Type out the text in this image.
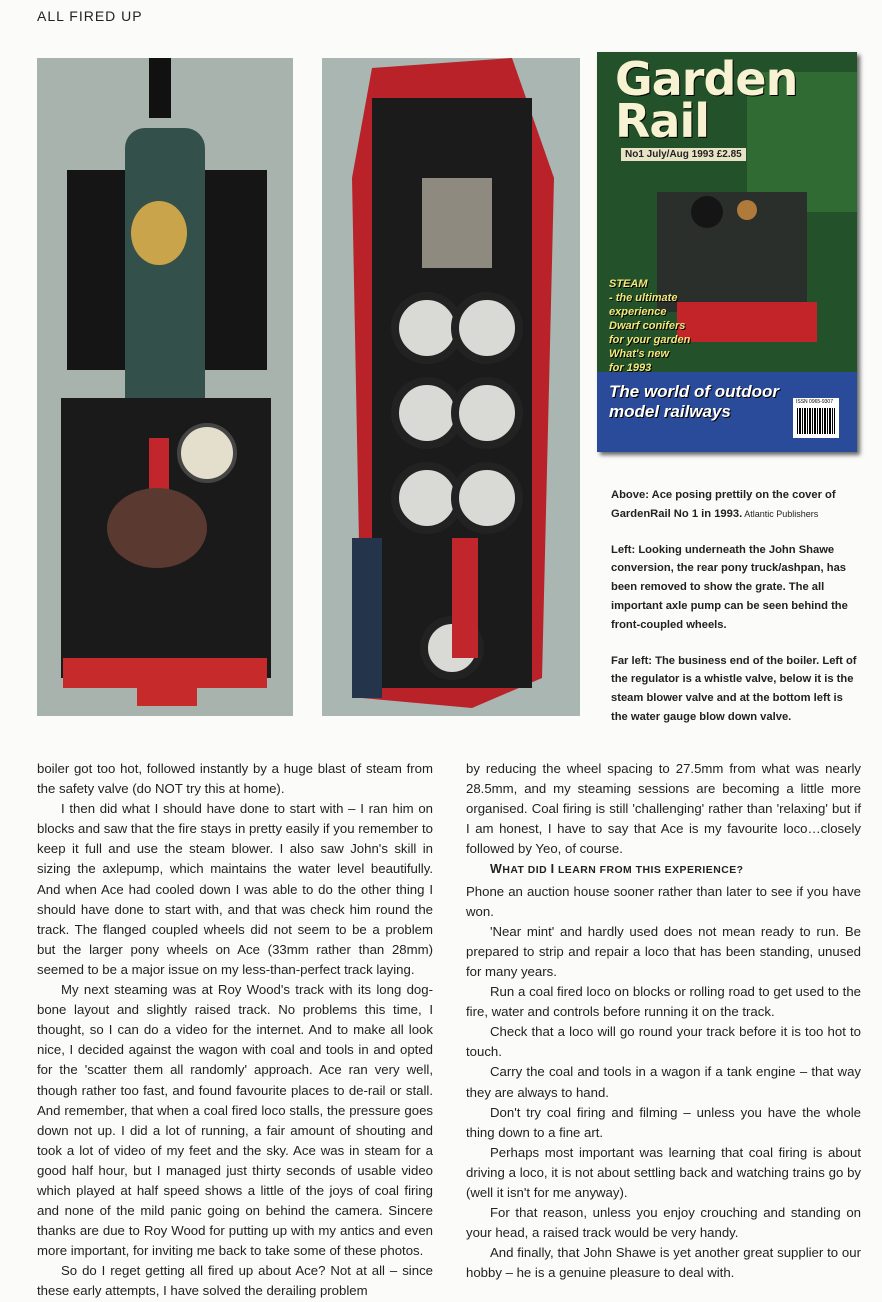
ALL FIRED UP
Garden
Rail
No1 July/Aug 1993 £2.85
STEAM
- the ultimate
experience
Dwarf conifers
for your garden
What's new
for 1993
The world of outdoor model railways	ISSN 0965-9307

Above: Ace posing prettily on the cover of GardenRail No 1 in 1993. Atlantic Publishers

Left: Looking underneath the John Shawe conversion, the rear pony truck/ashpan, has been removed to show the grate. The all important axle pump can be seen behind the front-coupled wheels.

Far left: The business end of the boiler. Left of the regulator is a whistle valve, below it is the steam blower valve and at the bottom left is the water gauge blow down valve.

boiler got too hot, followed instantly by a huge blast of steam from the safety valve (do NOT try this at home).

I then did what I should have done to start with – I ran him on blocks and saw that the fire stays in pretty easily if you remember to keep it full and use the steam blower. I also saw John's skill in sizing the axlepump, which maintains the water level beautifully. And when Ace had cooled down I was able to do the other thing I should have done to start with, and that was check him round the track. The flanged coupled wheels did not seem to be a problem but the larger pony wheels on Ace (33mm rather than 28mm) seemed to be a major issue on my less-than-perfect track laying.

My next steaming was at Roy Wood's track with its long dog-bone layout and slightly raised track. No problems this time, I thought, so I can do a video for the internet. And to make all look nice, I decided against the wagon with coal and tools in and opted for the 'scatter them all randomly' approach. Ace ran very well, though rather too fast, and found favourite places to de-rail or stall. And remember, that when a coal fired loco stalls, the pressure goes down not up. I did a lot of running, a fair amount of shouting and took a lot of video of my feet and the sky. Ace was in steam for a good half hour, but I managed just thirty seconds of usable video which played at half speed shows a little of the joys of coal firing and none of the mild panic going on behind the camera. Sincere thanks are due to Roy Wood for putting up with my antics and even more important, for inviting me back to take some of these photos.

So do I reget getting all fired up about Ace? Not at all – since these early attempts, I have solved the derailing problem

by reducing the wheel spacing to 27.5mm from what was nearly 28.5mm, and my steaming sessions are becoming a little more organised. Coal firing is still 'challenging' rather than 'relaxing' but if I am honest, I have to say that Ace is my favourite loco…closely followed by Yeo, of course.

WHAT DID I LEARN FROM THIS EXPERIENCE?

Phone an auction house sooner rather than later to see if you have won.

'Near mint' and hardly used does not mean ready to run. Be prepared to strip and repair a loco that has been standing, unused for many years.

Run a coal fired loco on blocks or rolling road to get used to the fire, water and controls before running it on the track.

Check that a loco will go round your track before it is too hot to touch.

Carry the coal and tools in a wagon if a tank engine – that way they are always to hand.

Don't try coal firing and filming – unless you have the whole thing down to a fine art.

Perhaps most important was learning that coal firing is about driving a loco, it is not about settling back and watching trains go by (well it isn't for me anyway).

For that reason, unless you enjoy crouching and standing on your head, a raised track would be very handy.

And finally, that John Shawe is yet another great supplier to our hobby – he is a genuine pleasure to deal with.
